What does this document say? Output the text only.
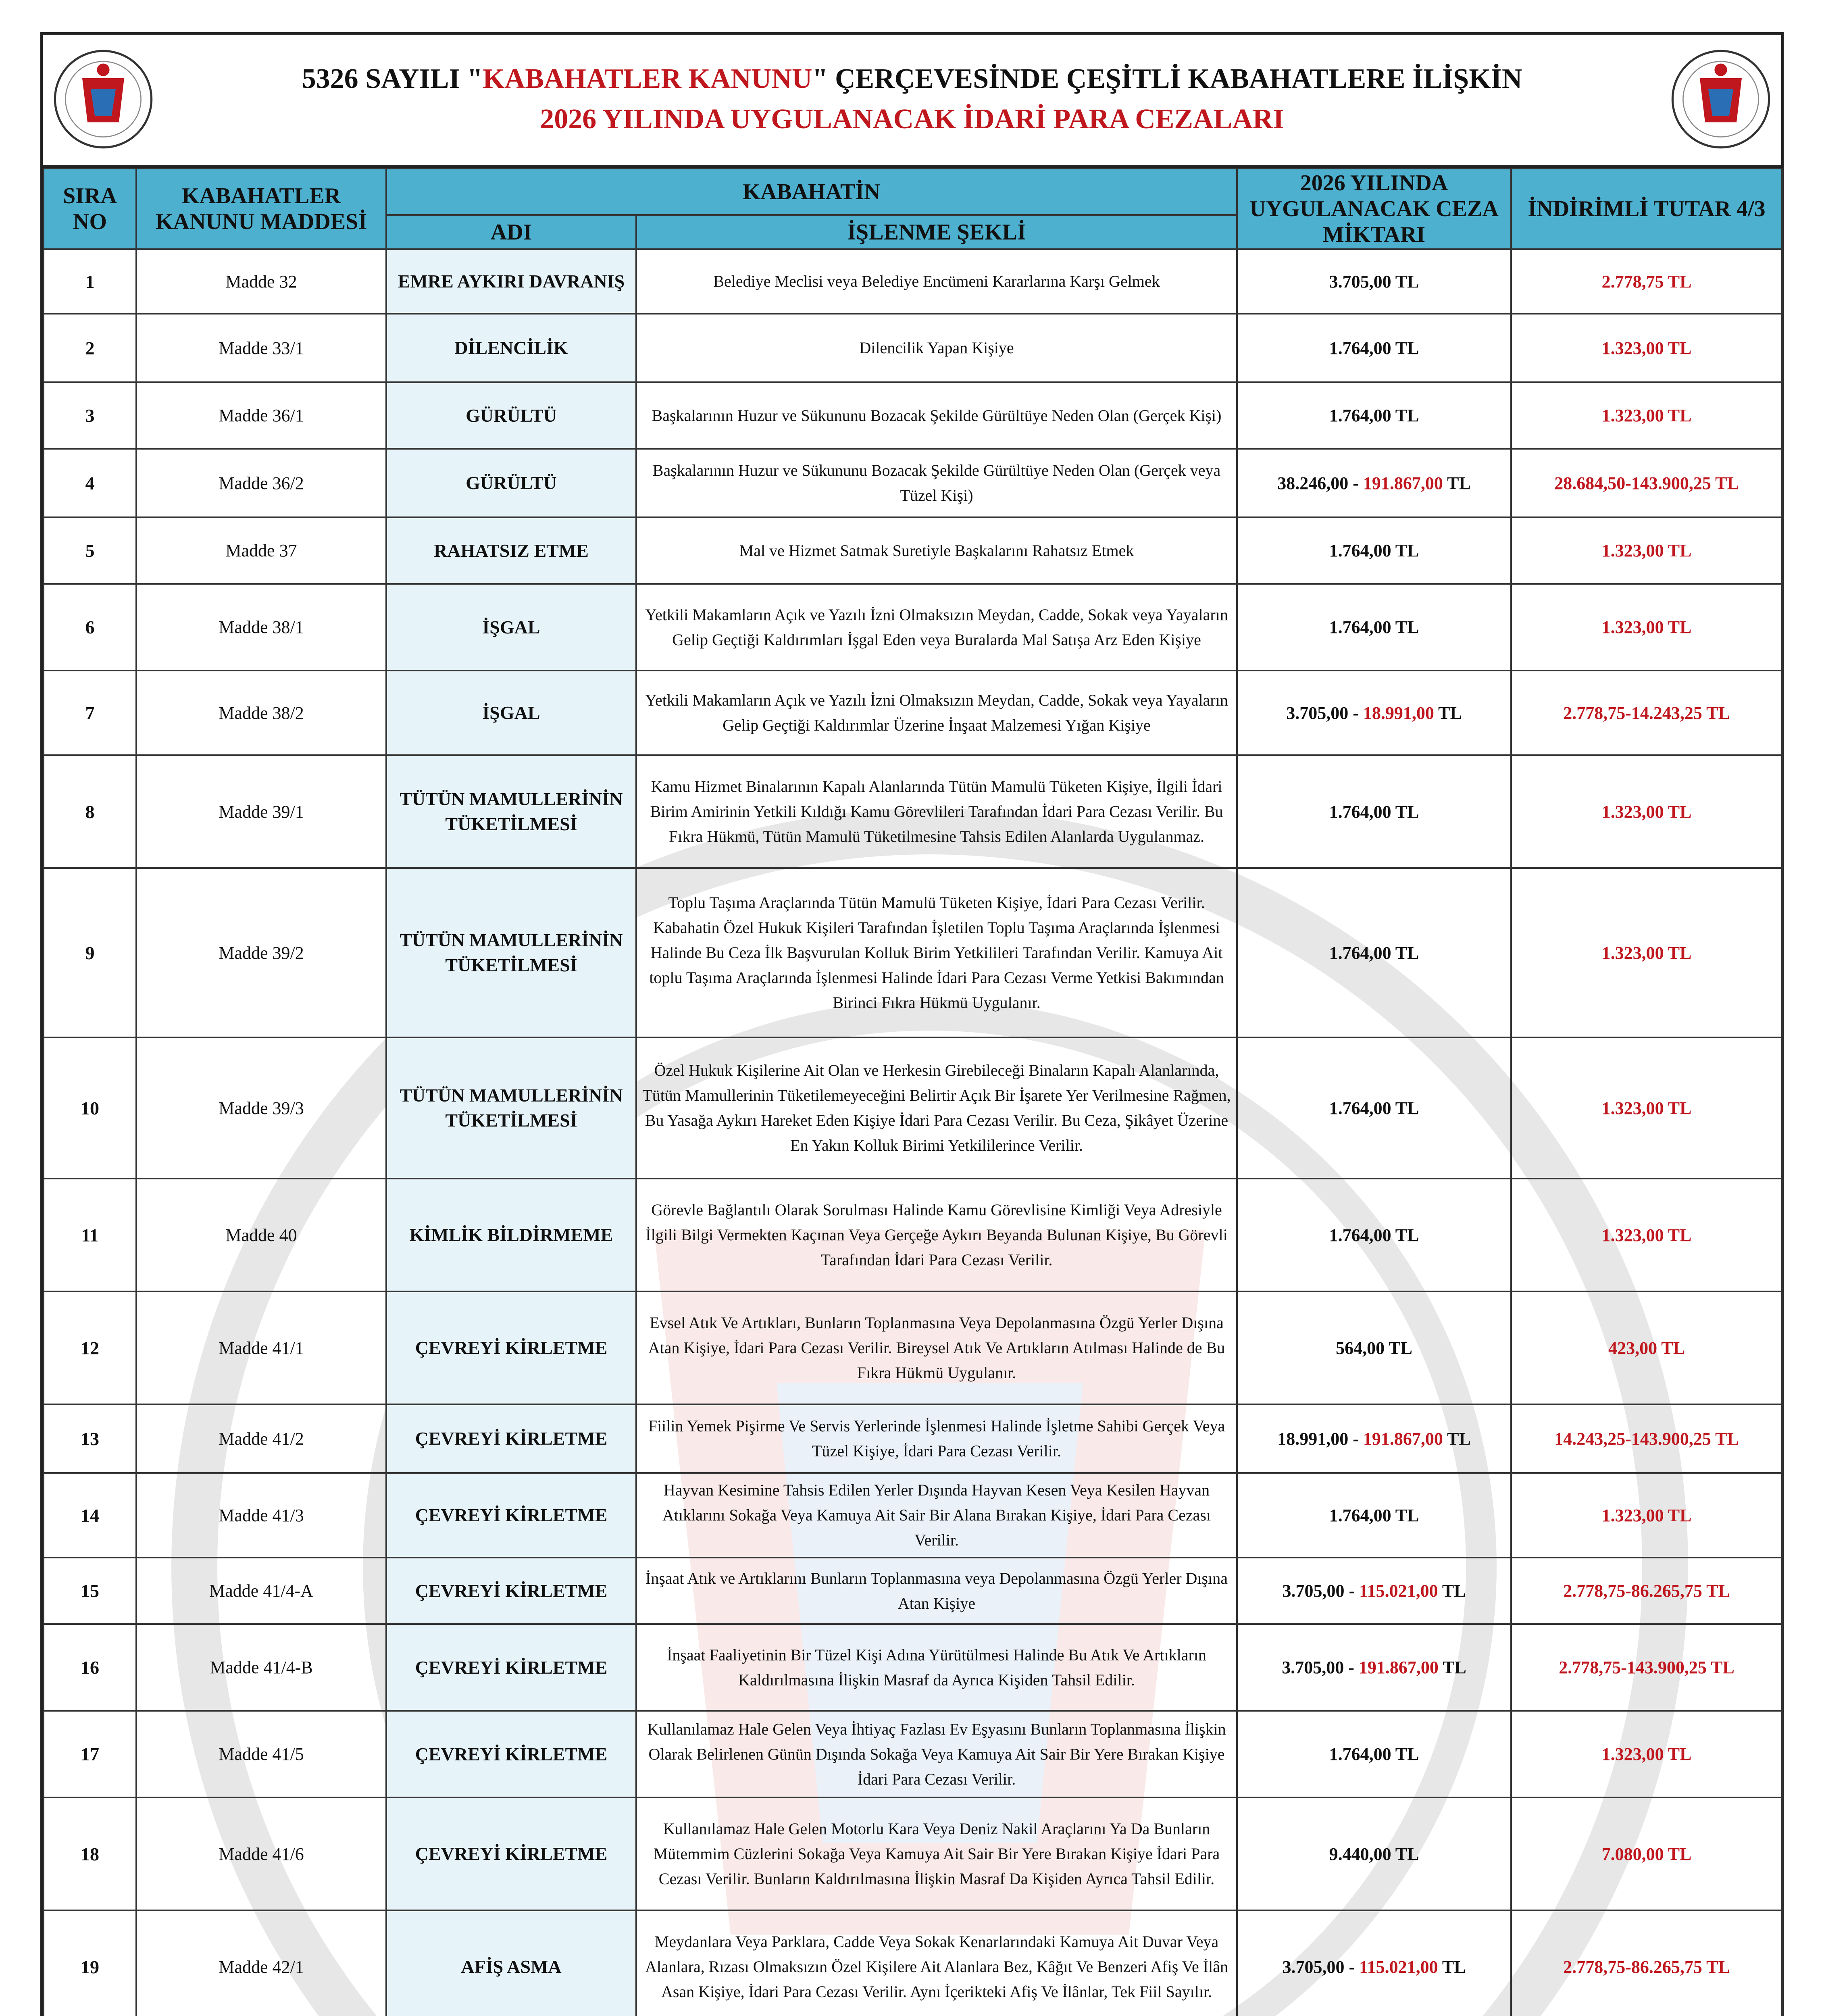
5326 SAYILI "KABAHATLER KANUNU" ÇERÇEVESİNDE ÇEŞİTLİ KABAHATLERE İLİŞKİN
2026 YILINDA UYGULANACAK İDARİ PARA CEZALARI
SIRA NO	KABAHATLER KANUNU MADDESİ	KABAHATİN		2026 YILINDA UYGULANACAK CEZA MİKTARI	İNDİRİMLİ TUTAR 4/3
		ADI	İŞLENME ŞEKLİ		
1	Madde 32	EMRE AYKIRI DAVRANIŞ	Belediye Meclisi veya Belediye Encümeni Kararlarına Karşı Gelmek	3.705,00 TL	2.778,75 TL
2	Madde 33/1	DİLENCİLİK	Dilencilik Yapan Kişiye	1.764,00 TL	1.323,00 TL
3	Madde 36/1	GÜRÜLTÜ	Başkalarının Huzur ve Sükununu Bozacak Şekilde Gürültüye Neden Olan (Gerçek Kişi)	1.764,00 TL	1.323,00 TL
4	Madde 36/2	GÜRÜLTÜ	Başkalarının Huzur ve Sükununu Bozacak Şekilde Gürültüye Neden Olan (Gerçek veya Tüzel Kişi)	38.246,00 - 191.867,00 TL	28.684,50-143.900,25 TL
5	Madde 37	RAHATSIZ ETME	Mal ve Hizmet Satmak Suretiyle Başkalarını Rahatsız Etmek	1.764,00 TL	1.323,00 TL
6	Madde 38/1	İŞGAL	Yetkili Makamların Açık ve Yazılı İzni Olmaksızın Meydan, Cadde, Sokak veya Yayaların Gelip Geçtiği Kaldırımları İşgal Eden veya Buralarda Mal Satışa Arz Eden Kişiye	1.764,00 TL	1.323,00 TL
7	Madde 38/2	İŞGAL	Yetkili Makamların Açık ve Yazılı İzni Olmaksızın Meydan, Cadde, Sokak veya Yayaların Gelip Geçtiği Kaldırımlar Üzerine İnşaat Malzemesi Yığan Kişiye	3.705,00 - 18.991,00 TL	2.778,75-14.243,25 TL
8	Madde 39/1	TÜTÜN MAMULLERİNİN TÜKETİLMESİ	Kamu Hizmet Binalarının Kapalı Alanlarında Tütün Mamulü Tüketen Kişiye, İlgili İdari Birim Amirinin Yetkili Kıldığı Kamu Görevlileri Tarafından İdari Para Cezası Verilir. Bu Fıkra Hükmü, Tütün Mamulü Tüketilmesine Tahsis Edilen Alanlarda Uygulanmaz.	1.764,00 TL	1.323,00 TL
9	Madde 39/2	TÜTÜN MAMULLERİNİN TÜKETİLMESİ	Toplu Taşıma Araçlarında Tütün Mamulü Tüketen Kişiye, İdari Para Cezası Verilir. Kabahatin Özel Hukuk Kişileri Tarafından İşletilen Toplu Taşıma Araçlarında İşlenmesi Halinde Bu Ceza İlk Başvurulan Kolluk Birim Yetkilileri Tarafından Verilir. Kamuya Ait toplu Taşıma Araçlarında İşlenmesi Halinde İdari Para Cezası Verme Yetkisi Bakımından Birinci Fıkra Hükmü Uygulanır.	1.764,00 TL	1.323,00 TL
10	Madde 39/3	TÜTÜN MAMULLERİNİN TÜKETİLMESİ	Özel Hukuk Kişilerine Ait Olan ve Herkesin Girebileceği Binaların Kapalı Alanlarında, Tütün Mamullerinin Tüketilemeyeceğini Belirtir Açık Bir İşarete Yer Verilmesine Rağmen, Bu Yasağa Aykırı Hareket Eden Kişiye İdari Para Cezası Verilir. Bu Ceza, Şikâyet Üzerine En Yakın Kolluk Birimi Yetkililerince Verilir.	1.764,00 TL	1.323,00 TL
11	Madde 40	KİMLİK BİLDİRMEME	Görevle Bağlantılı Olarak Sorulması Halinde Kamu Görevlisine Kimliği Veya Adresiyle İlgili Bilgi Vermekten Kaçınan Veya Gerçeğe Aykırı Beyanda Bulunan Kişiye, Bu Görevli Tarafından İdari Para Cezası Verilir.	1.764,00 TL	1.323,00 TL
12	Madde 41/1	ÇEVREYİ KİRLETME	Evsel Atık Ve Artıkları, Bunların Toplanmasına Veya Depolanmasına Özgü Yerler Dışına Atan Kişiye, İdari Para Cezası Verilir. Bireysel Atık Ve Artıkların Atılması Halinde de Bu Fıkra Hükmü Uygulanır.	564,00 TL	423,00 TL
13	Madde 41/2	ÇEVREYİ KİRLETME	Fiilin Yemek Pişirme Ve Servis Yerlerinde İşlenmesi Halinde İşletme Sahibi Gerçek Veya Tüzel Kişiye, İdari Para Cezası Verilir.	18.991,00 - 191.867,00 TL	14.243,25-143.900,25 TL
14	Madde 41/3	ÇEVREYİ KİRLETME	Hayvan Kesimine Tahsis Edilen Yerler Dışında Hayvan Kesen Veya Kesilen Hayvan Atıklarını Sokağa Veya Kamuya Ait Sair Bir Alana Bırakan Kişiye, İdari Para Cezası Verilir.	1.764,00 TL	1.323,00 TL
15	Madde 41/4-A	ÇEVREYİ KİRLETME	İnşaat Atık ve Artıklarını Bunların Toplanmasına veya Depolanmasına Özgü Yerler Dışına Atan Kişiye	3.705,00 - 115.021,00 TL	2.778,75-86.265,75 TL
16	Madde 41/4-B	ÇEVREYİ KİRLETME	İnşaat Faaliyetinin Bir Tüzel Kişi Adına Yürütülmesi Halinde Bu Atık Ve Artıkların Kaldırılmasına İlişkin Masraf da Ayrıca Kişiden Tahsil Edilir.	3.705,00 - 191.867,00 TL	2.778,75-143.900,25 TL
17	Madde 41/5	ÇEVREYİ KİRLETME	Kullanılamaz Hale Gelen Veya İhtiyaç Fazlası Ev Eşyasını Bunların Toplanmasına İlişkin Olarak Belirlenen Günün Dışında Sokağa Veya Kamuya Ait Sair Bir Yere Bırakan Kişiye İdari Para Cezası Verilir.	1.764,00 TL	1.323,00 TL
18	Madde 41/6	ÇEVREYİ KİRLETME	Kullanılamaz Hale Gelen Motorlu Kara Veya Deniz Nakil Araçlarını Ya Da Bunların Mütemmim Cüzlerini Sokağa Veya Kamuya Ait Sair Bir Yere Bırakan Kişiye İdari Para Cezası Verilir. Bunların Kaldırılmasına İlişkin Masraf Da Kişiden Ayrıca Tahsil Edilir.	9.440,00 TL	7.080,00 TL
19	Madde 42/1	AFİŞ ASMA	Meydanlara Veya Parklara, Cadde Veya Sokak Kenarlarındaki Kamuya Ait Duvar Veya Alanlara, Rızası Olmaksızın Özel Kişilere Ait Alanlara Bez, Kâğıt Ve Benzeri Afiş Ve İlân Asan Kişiye, İdari Para Cezası Verilir. Aynı İçerikteki Afiş Ve İlânlar, Tek Fiil Sayılır.	3.705,00 - 115.021,00 TL	2.778,75-86.265,75 TL
